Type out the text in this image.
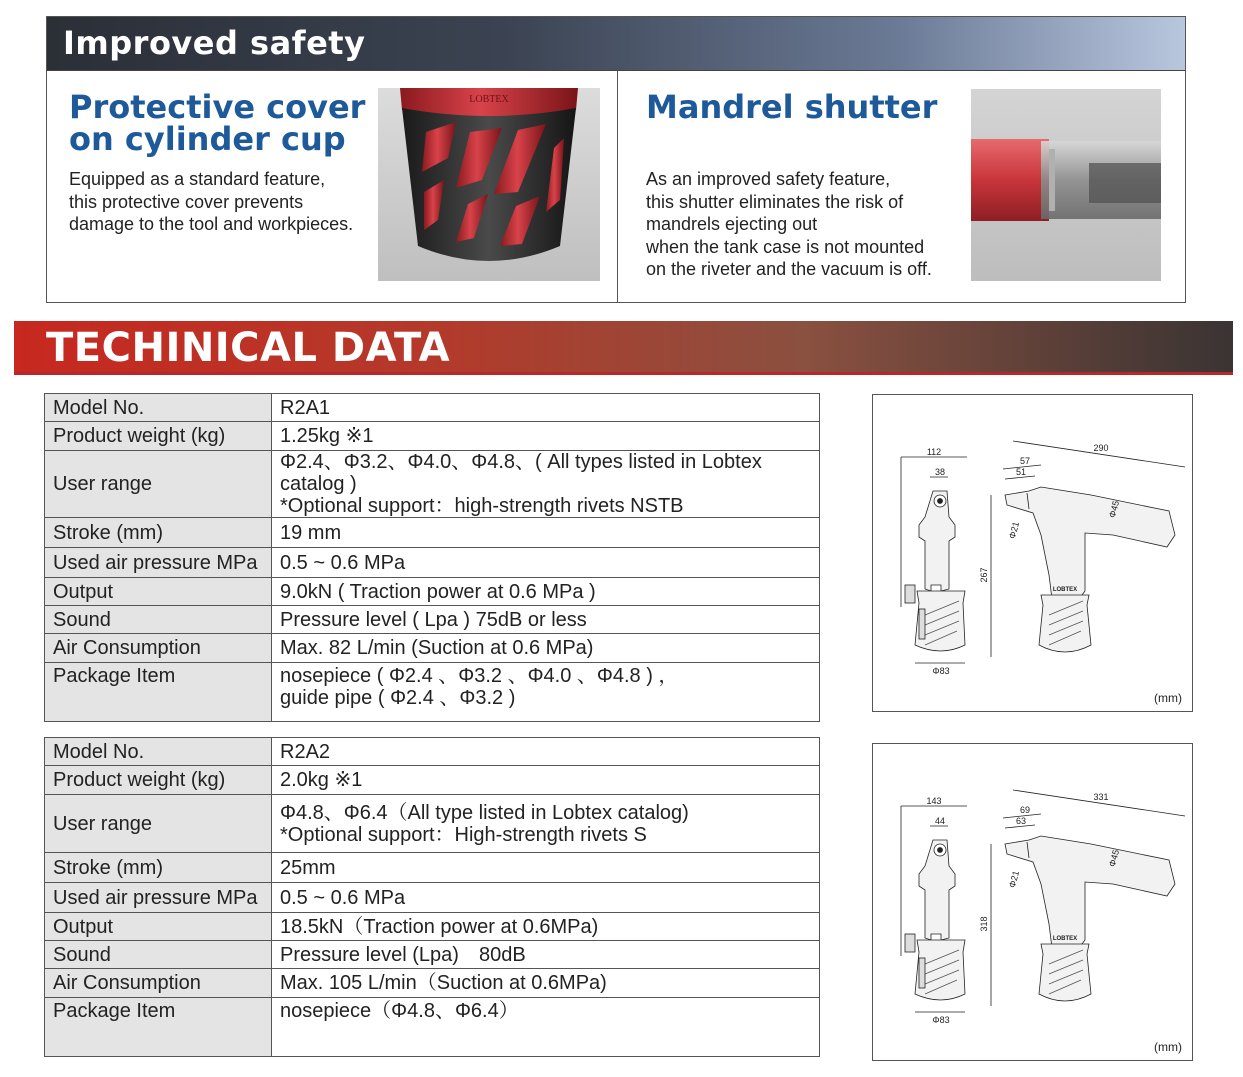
Improved safety
Protective cover
on cylinder cup
Equipped as a standard feature,
this protective cover prevents
damage to the tool and workpieces.
LOBTEX	Mandrel shutter
As an improved safety feature,
this shutter eliminates the risk of
mandrels ejecting out
when the tank case is not mounted
on the riveter and the vacuum is off.
TECHINICAL DATA
Model No.	R2A1
Product weight (kg)	1.25kg ※1
User range	Φ2.4、Φ3.2、Φ4.0、Φ4.8、( All types listed in Lobtex catalog )
*Optional support：high-strength rivets NSTB

Stroke (mm)	19 mm
Used air pressure MPa	0.5 ~ 0.6 MPa
Output	9.0kN ( Traction power at 0.6 MPa )
Sound	Pressure level ( Lpa ) 75dB or less
Air Consumption	Max. 82 L/min (Suction at 0.6 MPa)
Package Item	nosepiece ( Φ2.4 、Φ3.2 、Φ4.0 、Φ4.8 ) ，
guide pipe ( Φ2.4 、Φ3.2 )
Model No.	R2A2
Product weight (kg)	2.0kg ※1
User range	Φ4.8、Φ6.4（All type listed in Lobtex catalog)
*Optional support：High-strength rivets S

Stroke (mm)	25mm
Used air pressure MPa	0.5 ~ 0.6 MPa
Output	18.5kN（Traction power at 0.6MPa)
Sound	Pressure level (Lpa)　80dB
Air Consumption	Max. 105 L/min（Suction at 0.6MPa)
Package Item	nosepiece（Φ4.8、Φ6.4）
112
38
Φ83
290
57
51
Φ45
Φ21
267
LOBTEX
(mm)
143
44
Φ83
331
69
63
Φ45
Φ21
318
LOBTEX
(mm)
